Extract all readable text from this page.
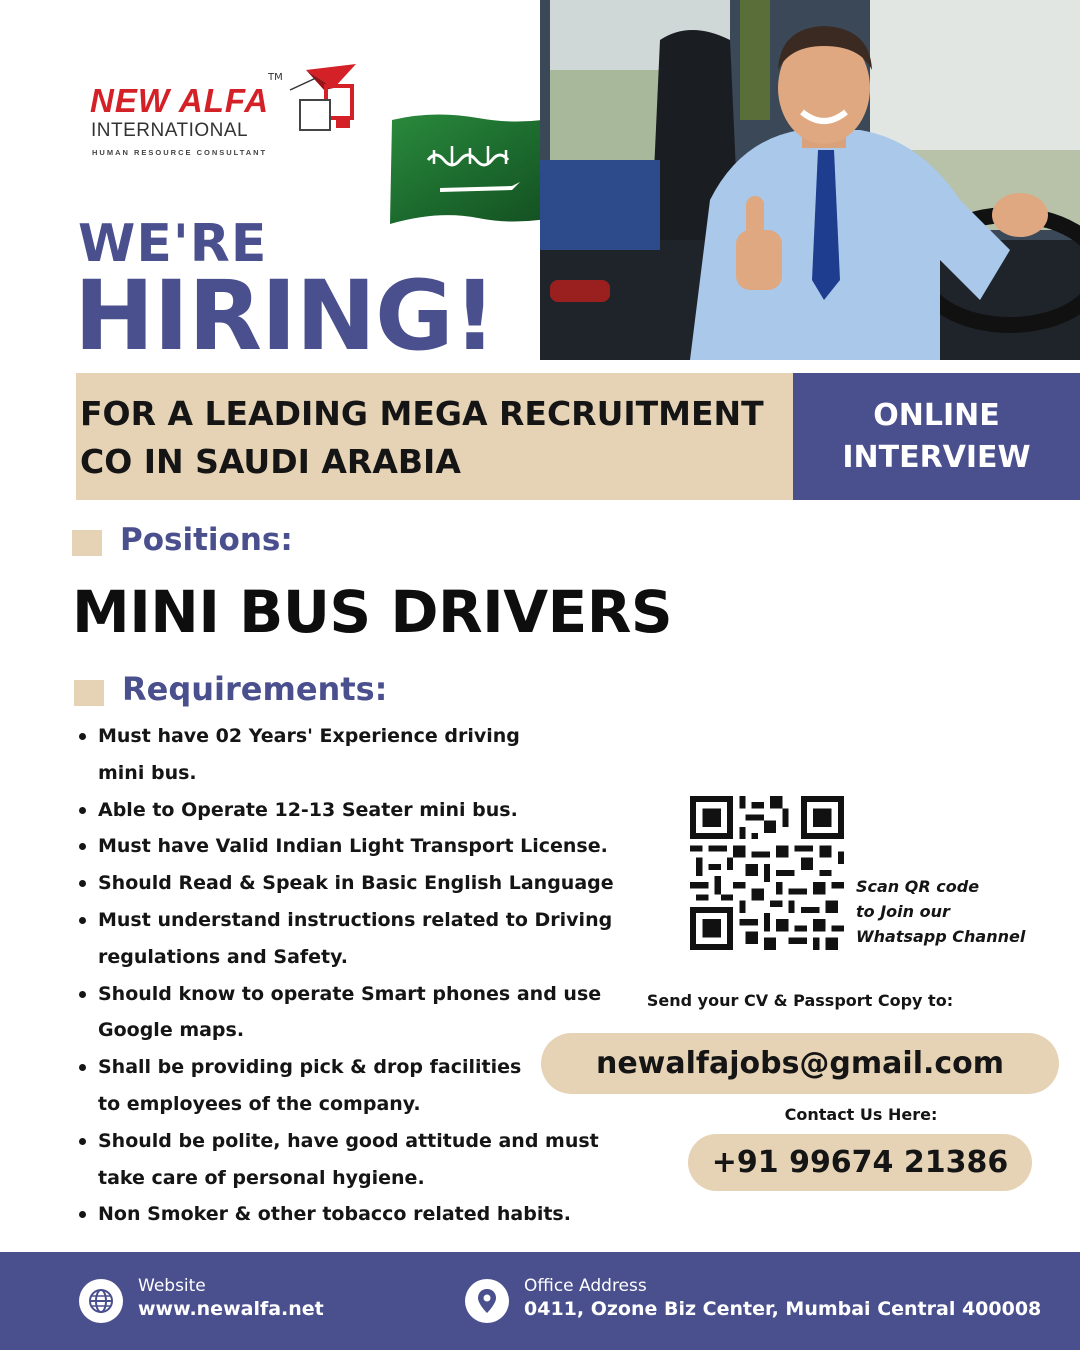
NEW ALFA
TM
INTERNATIONAL
HUMAN RESOURCE CONSULTANT
WE'RE
HIRING!
FOR A LEADING MEGA RECRUITMENT
CO IN SAUDI ARABIA
ONLINE
INTERVIEW
Positions:
MINI BUS DRIVERS
Requirements:
Must have 02 Years' Experience driving
mini bus.
Able to Operate 12-13 Seater mini bus.
Must have Valid Indian Light Transport License.
Should Read & Speak in Basic English Language
Must understand instructions related to Driving
regulations and Safety.
Should know to operate Smart phones and use
Google maps.
Shall be providing pick & drop facilities
to employees of the company.
Should be polite, have good attitude and must
take care of personal hygiene.
Non Smoker & other tobacco related habits.
Scan QR code
to Join our
Whatsapp Channel
Send your CV & Passport Copy to:
newalfajobs@gmail.com
Contact Us Here:
+91 99674 21386
Website
www.newalfa.net
Office Address
0411, Ozone Biz Center, Mumbai Central 400008
